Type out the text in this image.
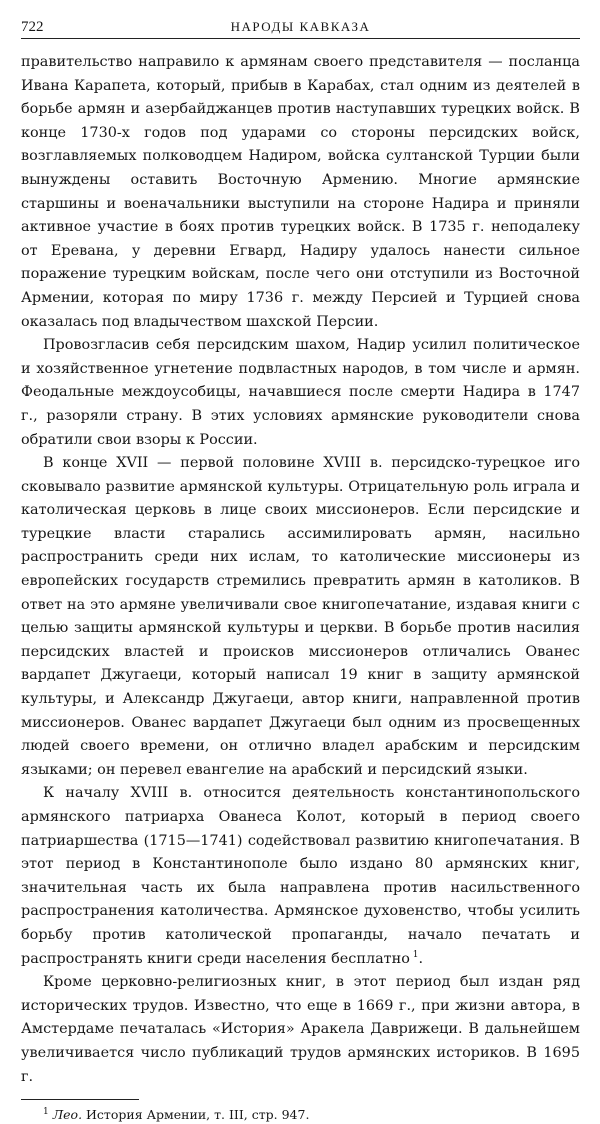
722	НАРОДЫ КАВКАЗА

правительство направило к армянам своего представителя — посланца Ивана Карапета, который, прибыв в Карабах, стал одним из деятелей в борьбе армян и азербайджанцев против наступавших турецких войск. В конце 1730-х годов под ударами со стороны персидских войск, возглавляемых полководцем Надиром, войска султанской Турции были вынуждены оставить Восточную Армению. Многие армянские старшины и военачальники выступили на стороне Надира и приняли активное участие в боях против турецких войск. В 1735 г. неподалеку от Еревана, у деревни Егвард, Надиру удалось нанести сильное поражение турецким войскам, после чего они отступили из Восточной Армении, которая по миру 1736 г. между Персией и Турцией снова оказалась под владычеством шахской Персии.

Провозгласив себя персидским шахом, Надир усилил политическое и хозяйственное угнетение подвластных народов, в том числе и армян. Феодальные междоусобицы, начавшиеся после смерти Надира в 1747 г., разоряли страну. В этих условиях армянские руководители снова обратили свои взоры к России.

В конце XVII — первой половине XVIII в. персидско-турецкое иго сковывало развитие армянской культуры. Отрицательную роль играла и католическая церковь в лице своих миссионеров. Если персидские и турецкие власти старались ассимилировать армян, насильно распространить среди них ислам, то католические миссионеры из европейских государств стремились превратить армян в католиков. В ответ на это армяне увеличивали свое книгопечатание, издавая книги с целью защиты армянской культуры и церкви. В борьбе против насилия персидских властей и происков миссионеров отличались Ованес вардапет Джугаеци, который написал 19 книг в защиту армянской культуры, и Александр Джугаеци, автор книги, направленной против миссионеров. Ованес вардапет Джугаеци был одним из просвещенных людей своего времени, он отлично владел арабским и персидским языками; он перевел евангелие на арабский и персидский языки.

К началу XVIII в. относится деятельность константинопольского армянского патриарха Ованеса Колот, который в период своего патриаршества (1715—1741) содействовал развитию книгопечатания. В этот период в Константинополе было издано 80 армянских книг, значительная часть их была направлена против насильственного распространения католичества. Армянское духовенство, чтобы усилить борьбу против католической пропаганды, начало печатать и распространять книги среди населения бесплатно  $^1$.

Кроме церковно-религиозных книг, в этот период был издан ряд исторических трудов. Известно, что еще в 1669 г., при жизни автора, в Амстердаме печаталась «История» Аракела Даврижеци. В дальнейшем увеличивается число публикаций трудов армянских историков. В 1695 г.

$^1$ Лео. История Армении, т. III, стр. 947.
